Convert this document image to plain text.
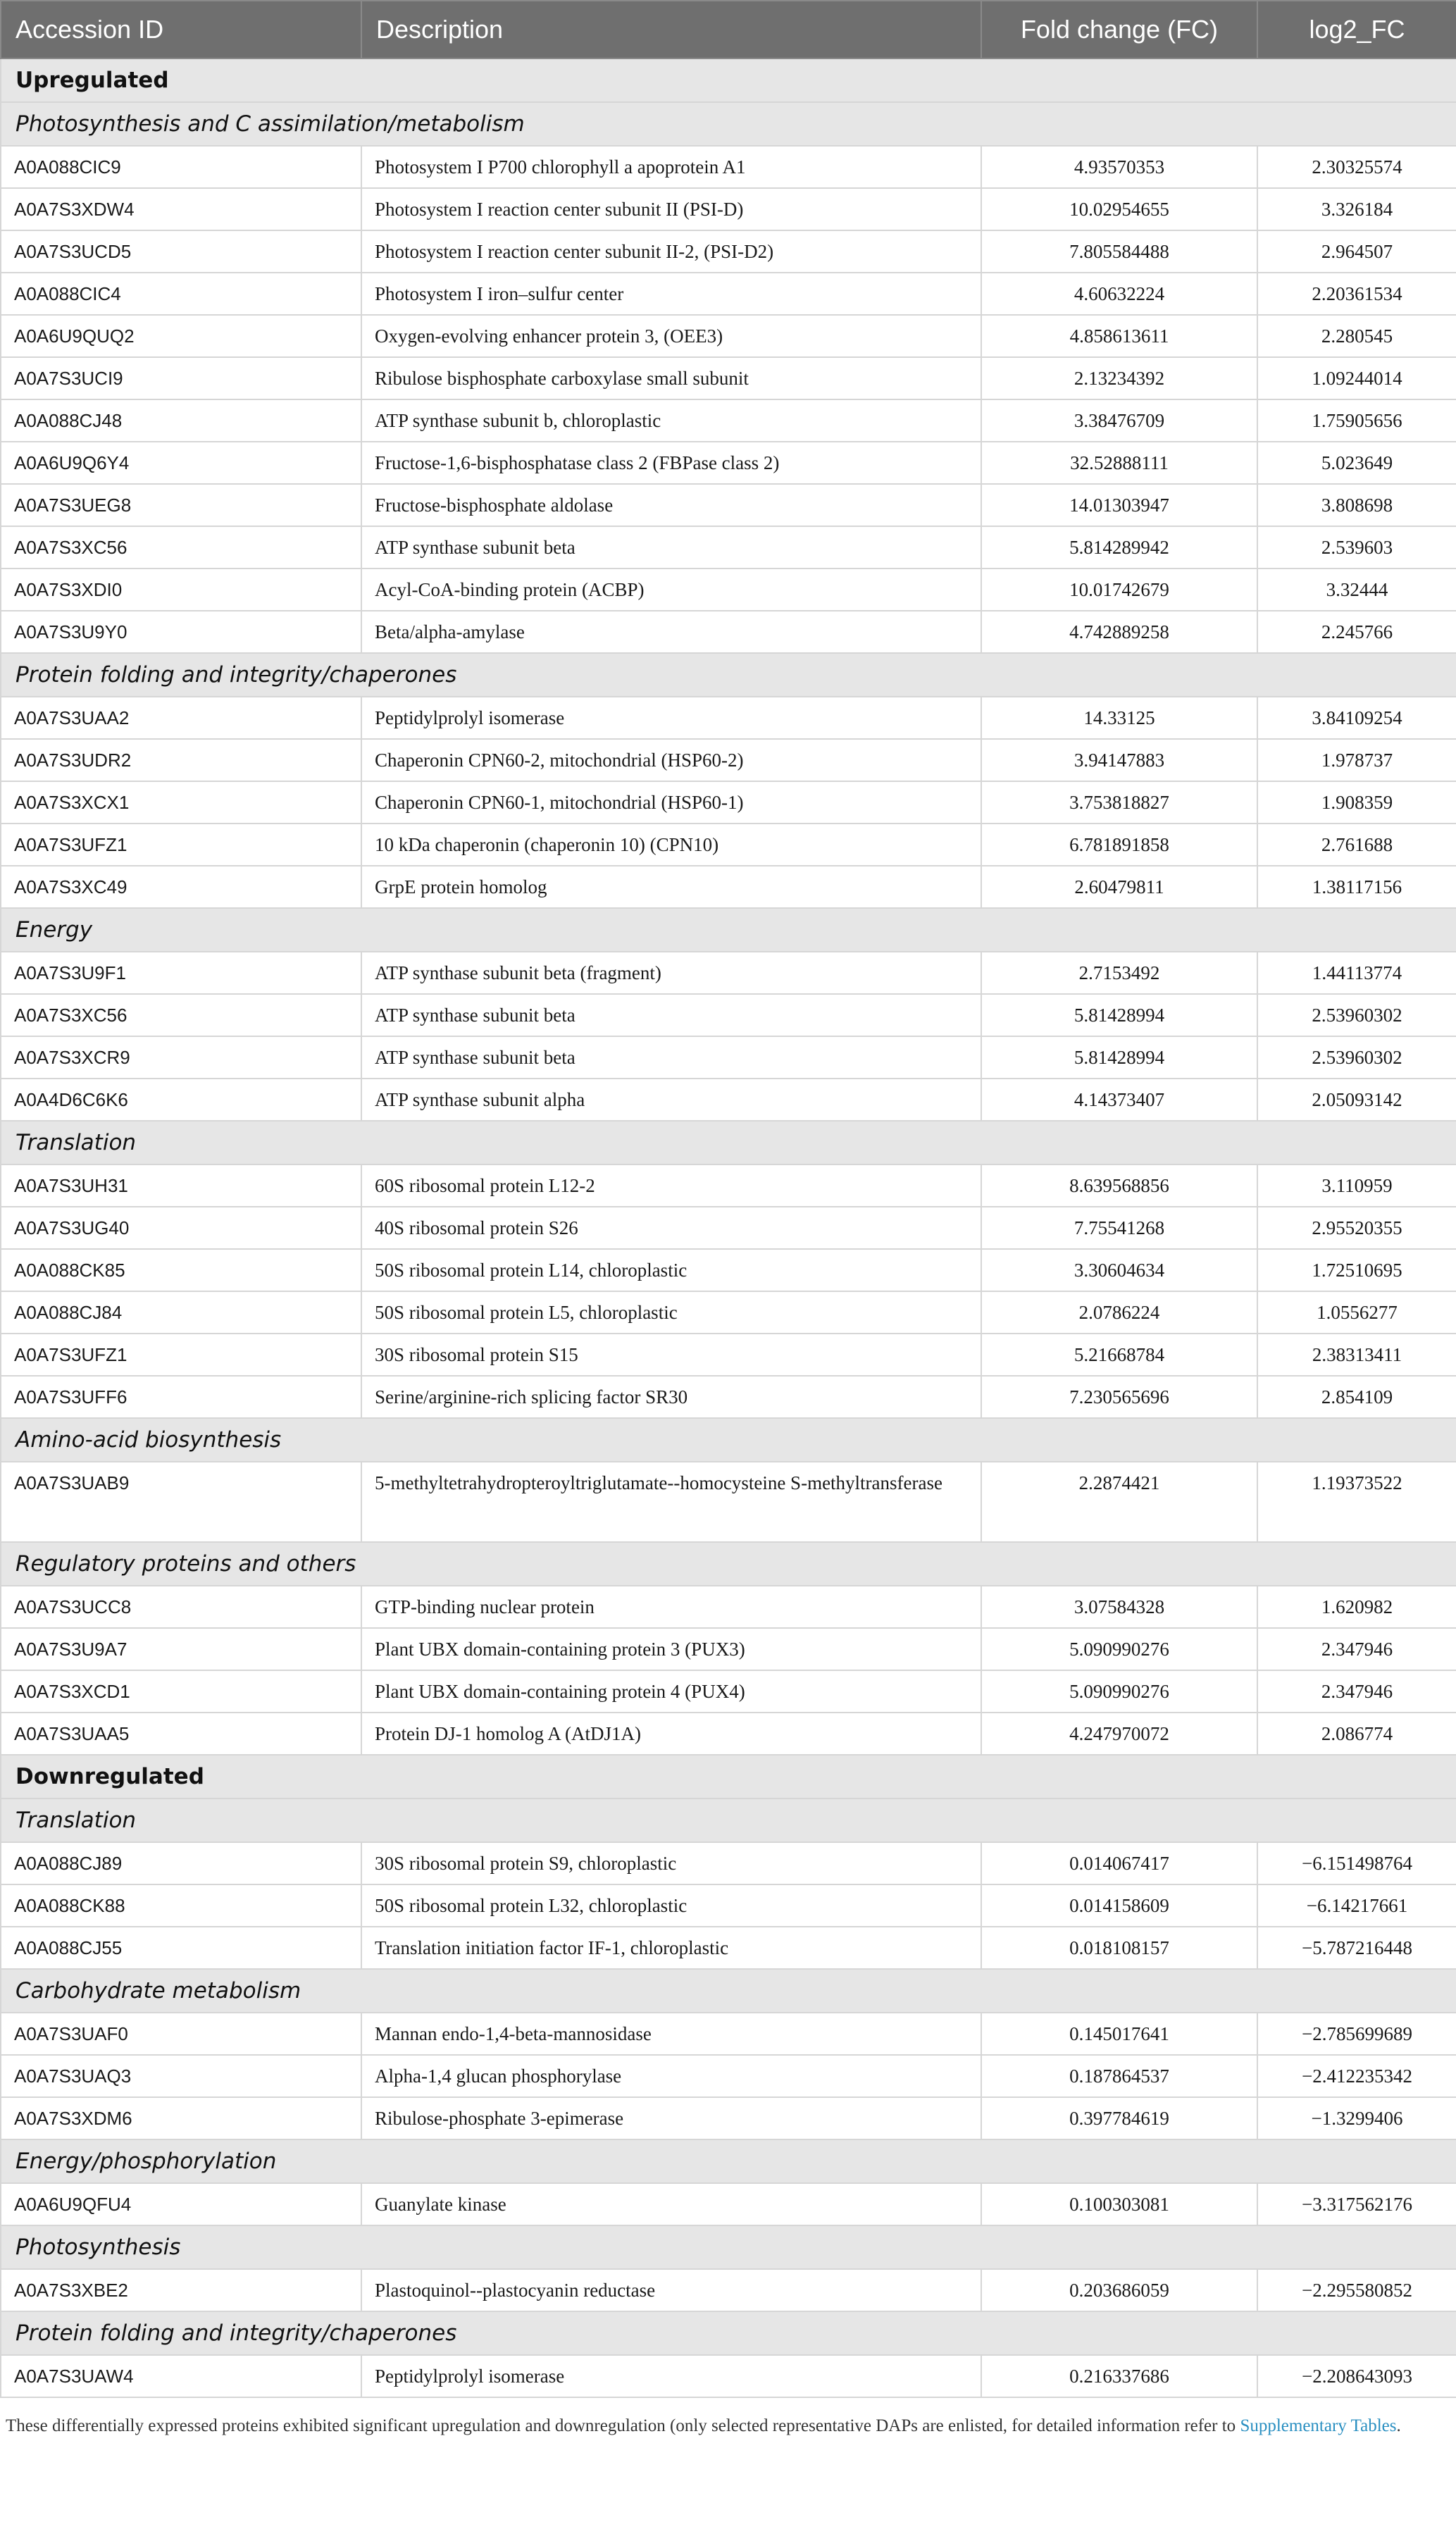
Accession ID	Description	Fold change (FC)	log2_FC
Upregulated			
Photosynthesis and C assimilation/metabolism			
A0A088CIC9	Photosystem I P700 chlorophyll a apoprotein A1	4.93570353	2.30325574
A0A7S3XDW4	Photosystem I reaction center subunit II (PSI-D)	10.02954655	3.326184
A0A7S3UCD5	Photosystem I reaction center subunit II-2, (PSI-D2)	7.805584488	2.964507
A0A088CIC4	Photosystem I iron–sulfur center	4.60632224	2.20361534
A0A6U9QUQ2	Oxygen-evolving enhancer protein 3, (OEE3)	4.858613611	2.280545
A0A7S3UCI9	Ribulose bisphosphate carboxylase small subunit	2.13234392	1.09244014
A0A088CJ48	ATP synthase subunit b, chloroplastic	3.38476709	1.75905656
A0A6U9Q6Y4	Fructose-1,6-bisphosphatase class 2 (FBPase class 2)	32.52888111	5.023649
A0A7S3UEG8	Fructose-bisphosphate aldolase	14.01303947	3.808698
A0A7S3XC56	ATP synthase subunit beta	5.814289942	2.539603
A0A7S3XDI0	Acyl-CoA-binding protein (ACBP)	10.01742679	3.32444
A0A7S3U9Y0	Beta/alpha-amylase	4.742889258	2.245766
Protein folding and integrity/chaperones			
A0A7S3UAA2	Peptidylprolyl isomerase	14.33125	3.84109254
A0A7S3UDR2	Chaperonin CPN60-2, mitochondrial (HSP60-2)	3.94147883	1.978737
A0A7S3XCX1	Chaperonin CPN60-1, mitochondrial (HSP60-1)	3.753818827	1.908359
A0A7S3UFZ1	10 kDa chaperonin (chaperonin 10) (CPN10)	6.781891858	2.761688
A0A7S3XC49	GrpE protein homolog	2.60479811	1.38117156
Energy			
A0A7S3U9F1	ATP synthase subunit beta (fragment)	2.7153492	1.44113774
A0A7S3XC56	ATP synthase subunit beta	5.81428994	2.53960302
A0A7S3XCR9	ATP synthase subunit beta	5.81428994	2.53960302
A0A4D6C6K6	ATP synthase subunit alpha	4.14373407	2.05093142
Translation			
A0A7S3UH31	60S ribosomal protein L12-2	8.639568856	3.110959
A0A7S3UG40	40S ribosomal protein S26	7.75541268	2.95520355
A0A088CK85	50S ribosomal protein L14, chloroplastic	3.30604634	1.72510695
A0A088CJ84	50S ribosomal protein L5, chloroplastic	2.0786224	1.0556277
A0A7S3UFZ1	30S ribosomal protein S15	5.21668784	2.38313411
A0A7S3UFF6	Serine/arginine-rich splicing factor SR30	7.230565696	2.854109
Amino-acid biosynthesis			
A0A7S3UAB9	5-methyltetrahydropteroyltriglutamate--homocysteine S-methyltransferase	2.2874421	1.19373522
Regulatory proteins and others			
A0A7S3UCC8	GTP-binding nuclear protein	3.07584328	1.620982
A0A7S3U9A7	Plant UBX domain-containing protein 3 (PUX3)	5.090990276	2.347946
A0A7S3XCD1	Plant UBX domain-containing protein 4 (PUX4)	5.090990276	2.347946
A0A7S3UAA5	Protein DJ-1 homolog A (AtDJ1A)	4.247970072	2.086774
Downregulated			
Translation			
A0A088CJ89	30S ribosomal protein S9, chloroplastic	0.014067417	−6.151498764
A0A088CK88	50S ribosomal protein L32, chloroplastic	0.014158609	−6.14217661
A0A088CJ55	Translation initiation factor IF-1, chloroplastic	0.018108157	−5.787216448
Carbohydrate metabolism			
A0A7S3UAF0	Mannan endo-1,4-beta-mannosidase	0.145017641	−2.785699689
A0A7S3UAQ3	Alpha-1,4 glucan phosphorylase	0.187864537	−2.412235342
A0A7S3XDM6	Ribulose-phosphate 3-epimerase	0.397784619	−1.3299406
Energy/phosphorylation			
A0A6U9QFU4	Guanylate kinase	0.100303081	−3.317562176
Photosynthesis			
A0A7S3XBE2	Plastoquinol--plastocyanin reductase	0.203686059	−2.295580852
Protein folding and integrity/chaperones			
A0A7S3UAW4	Peptidylprolyl isomerase	0.216337686	−2.208643093

These differentially expressed proteins exhibited significant upregulation and downregulation (only selected representative DAPs are enlisted, for detailed information refer to Supplementary Tables.
